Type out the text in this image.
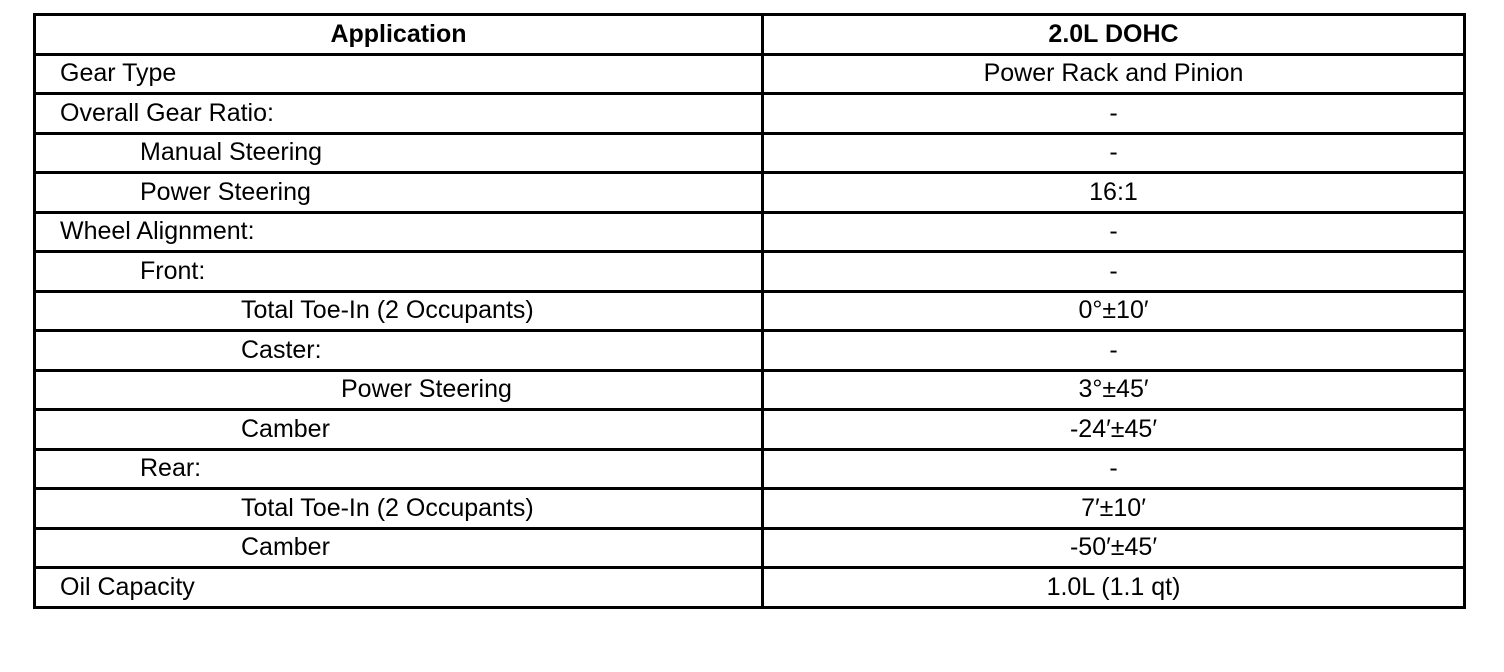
Application	2.0L DOHC
Gear Type	Power Rack and Pinion
Overall Gear Ratio:	-
Manual Steering	-
Power Steering	16:1
Wheel Alignment:	-
Front:	-
Total Toe-In (2 Occupants)	0°±10′
Caster:	-
Power Steering	3°±45′
Camber	-24′±45′
Rear:	-
Total Toe-In (2 Occupants)	7′±10′
Camber	-50′±45′
Oil Capacity	1.0L (1.1 qt)
